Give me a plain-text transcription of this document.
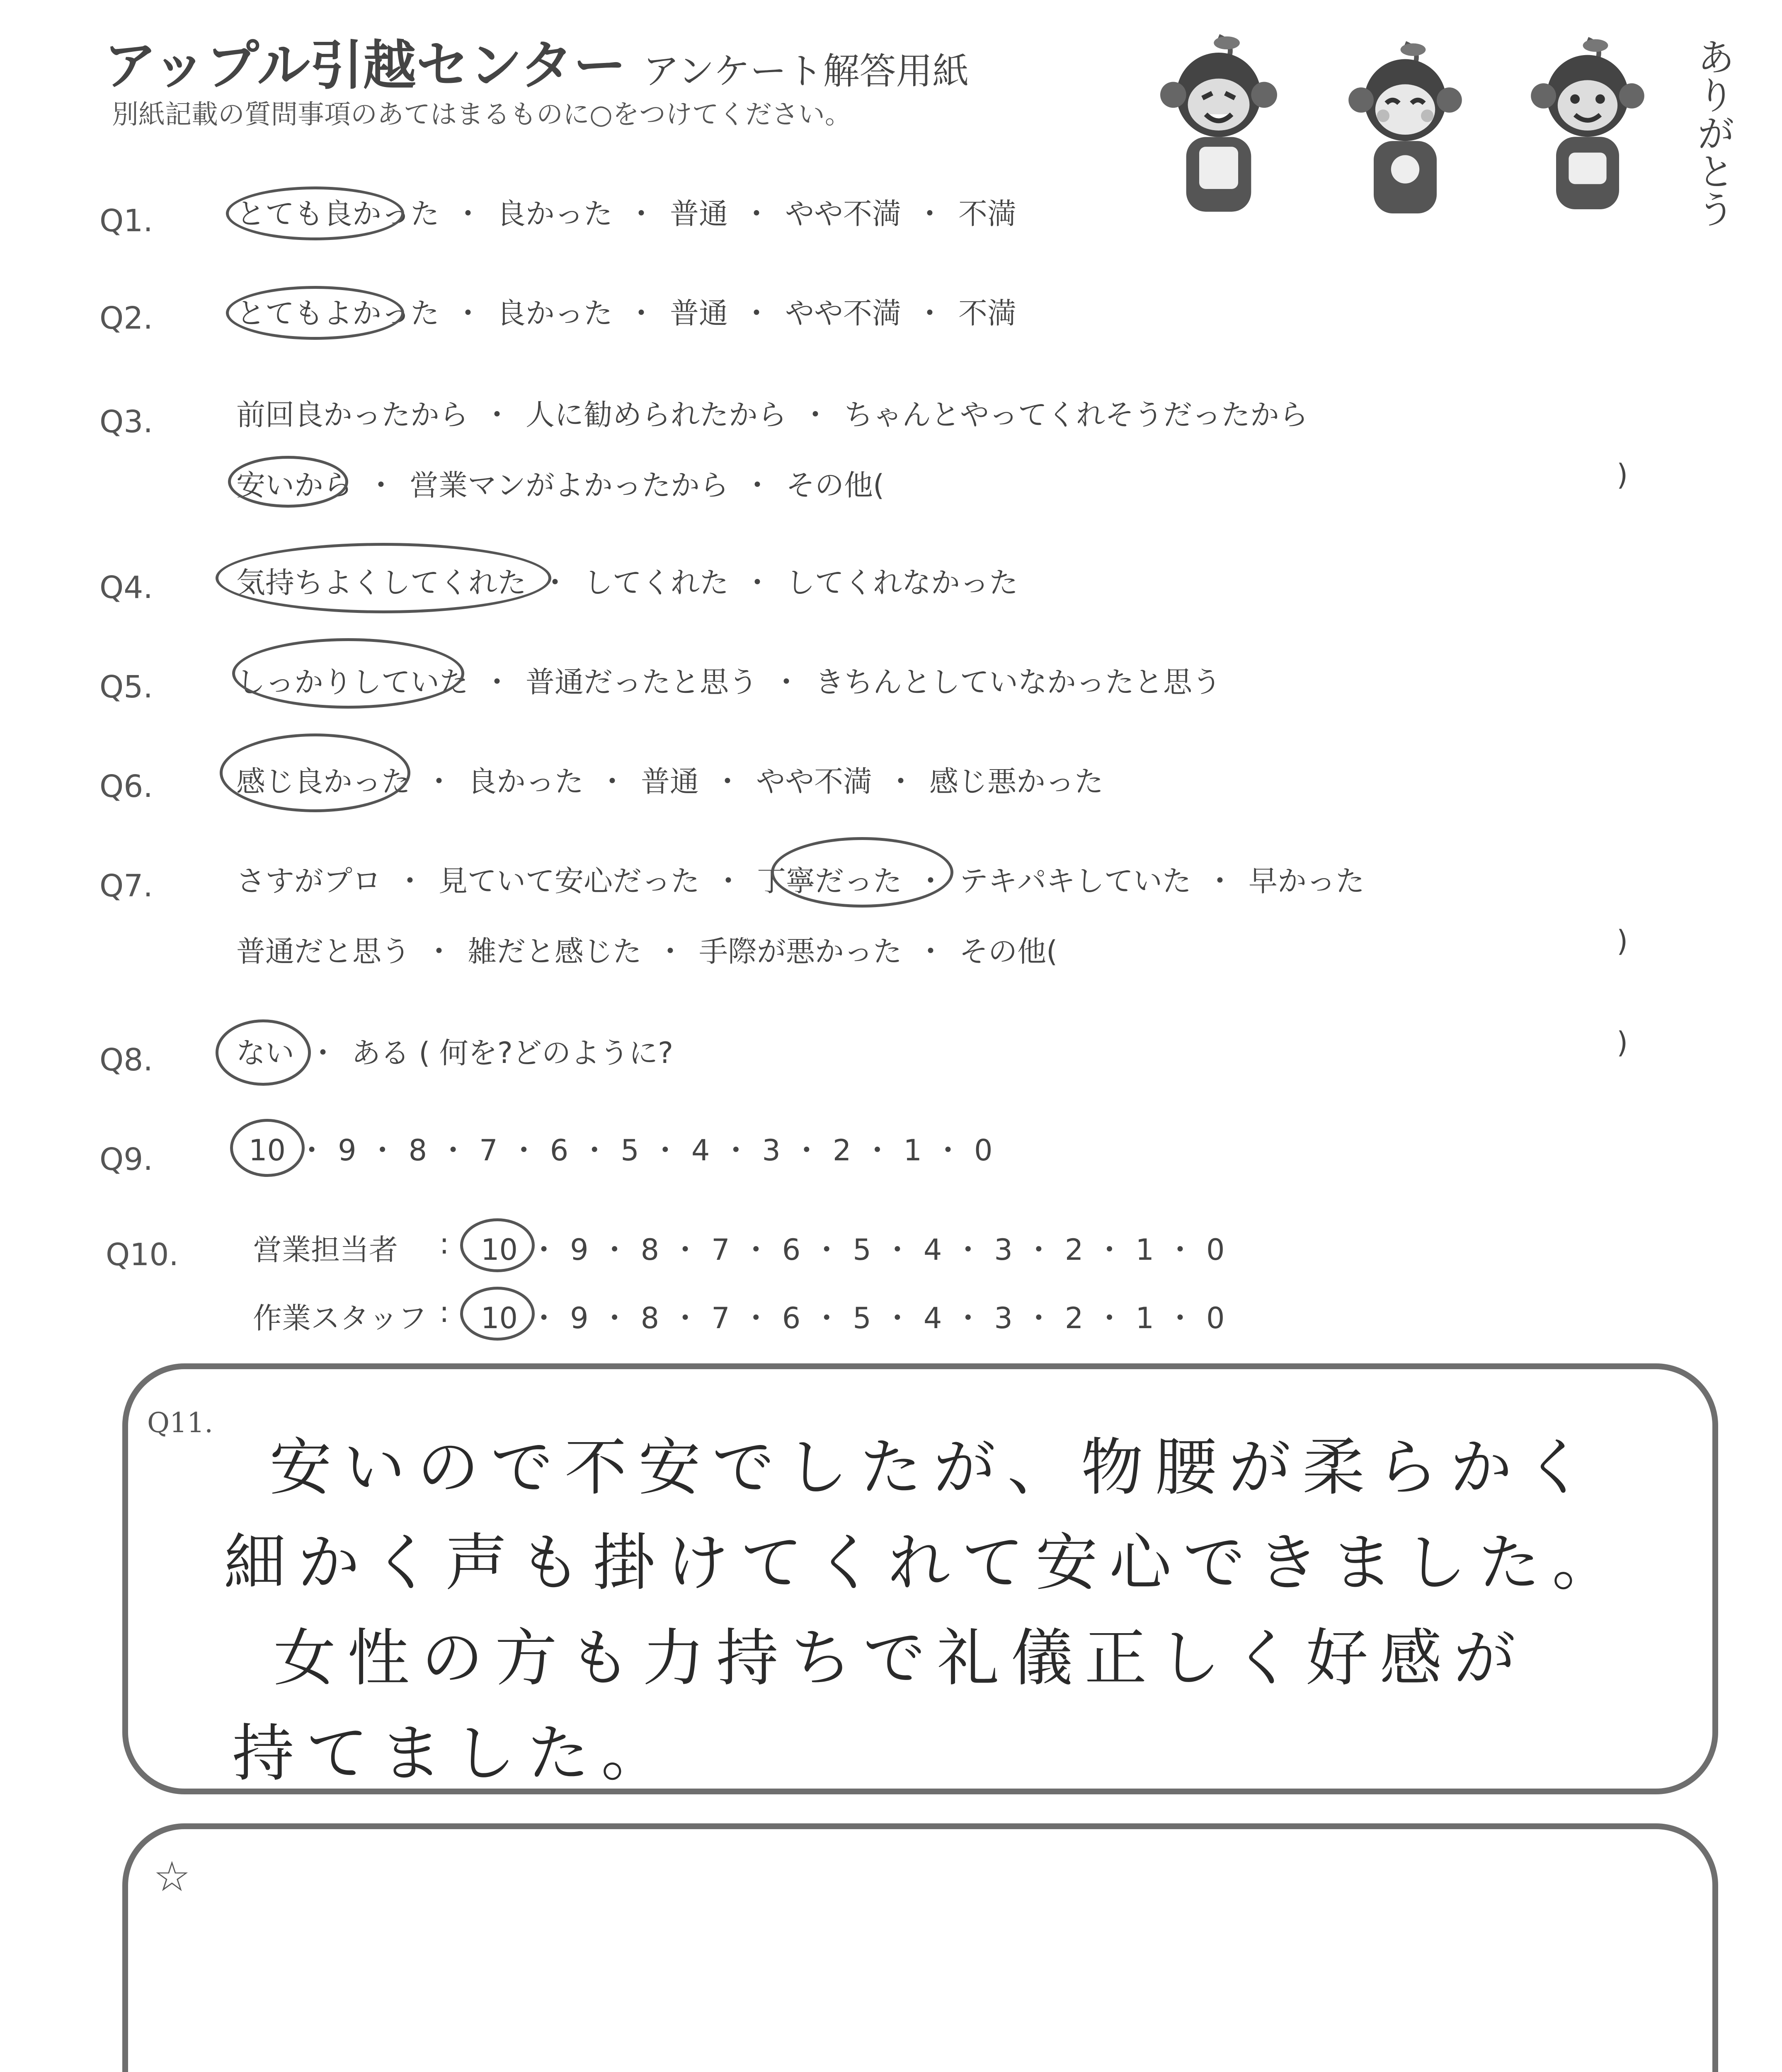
アップル引越センター アンケート解答用紙
別紙記載の質問事項のあてはまるものに○をつけてください。	ありがとう
Q1.	とても良かった ・ 良かった ・ 普通 ・ やや不満 ・ 不満
Q2.	とてもよかった ・ 良かった ・ 普通 ・ やや不満 ・ 不満
Q3.	前回良かったから ・ 人に勧められたから ・ ちゃんとやってくれそうだったから
安いから ・ 営業マンがよかったから ・ その他(	)
Q4.	気持ちよくしてくれた ・ してくれた ・ してくれなかった
Q5.	しっかりしていた ・ 普通だったと思う ・ きちんとしていなかったと思う
Q6.	感じ良かった ・ 良かった ・ 普通 ・ やや不満 ・ 感じ悪かった
Q7.	さすがプロ ・ 見ていて安心だった ・ 丁寧だった ・ テキパキしていた ・ 早かった
普通だと思う ・ 雑だと感じた ・ 手際が悪かった ・ その他(	)
Q8.	ない ・ ある ( 何を?どのように?	)
Q9.	10 ・ 9 ・ 8 ・ 7 ・ 6 ・ 5 ・ 4 ・ 3 ・ 2 ・ 1 ・ 0
Q10.	営業担当者 : 10 ・ 9 ・ 8 ・ 7 ・ 6 ・ 5 ・ 4 ・ 3 ・ 2 ・ 1 ・ 0
作業スタッフ : 10 ・ 9 ・ 8 ・ 7 ・ 6 ・ 5 ・ 4 ・ 3 ・ 2 ・ 1 ・ 0
Q11.
安いので不安でしたが、物腰が柔らかく
細かく声も掛けてくれて安心できました。
女性の方も力持ちで礼儀正しく好感が
持てました。
☆
